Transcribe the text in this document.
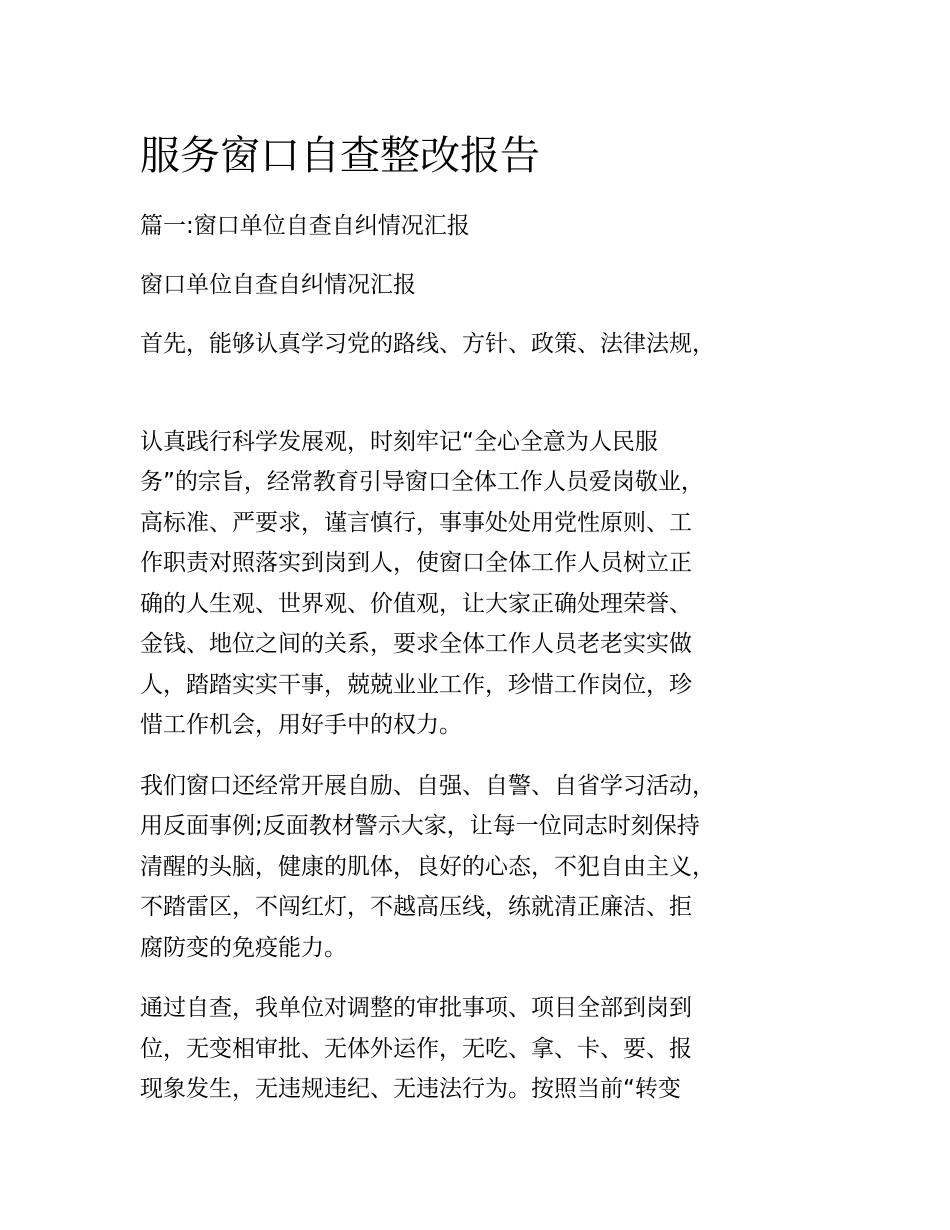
服务窗口自查整改报告
篇一:窗口单位自查自纠情况汇报
窗口单位自查自纠情况汇报
首先，能够认真学习党的路线、方针、政策、法律法规，
认真践行科学发展观，时刻牢记“全心全意为人民服
务”的宗旨，经常教育引导窗口全体工作人员爱岗敬业，
高标准、严要求，谨言慎行，事事处处用党性原则、工
作职责对照落实到岗到人，使窗口全体工作人员树立正
确的人生观、世界观、价值观，让大家正确处理荣誉、
金钱、地位之间的关系，要求全体工作人员老老实实做
人，踏踏实实干事，兢兢业业工作，珍惜工作岗位，珍
惜工作机会，用好手中的权力。
我们窗口还经常开展自励、自强、自警、自省学习活动，
用反面事例;反面教材警示大家，让每一位同志时刻保持
清醒的头脑，健康的肌体，良好的心态，不犯自由主义，
不踏雷区，不闯红灯，不越高压线，练就清正廉洁、拒
腐防变的免疫能力。
通过自查，我单位对调整的审批事项、项目全部到岗到
位，无变相审批、无体外运作，无吃、拿、卡、要、报
现象发生，无违规违纪、无违法行为。按照当前“转变
